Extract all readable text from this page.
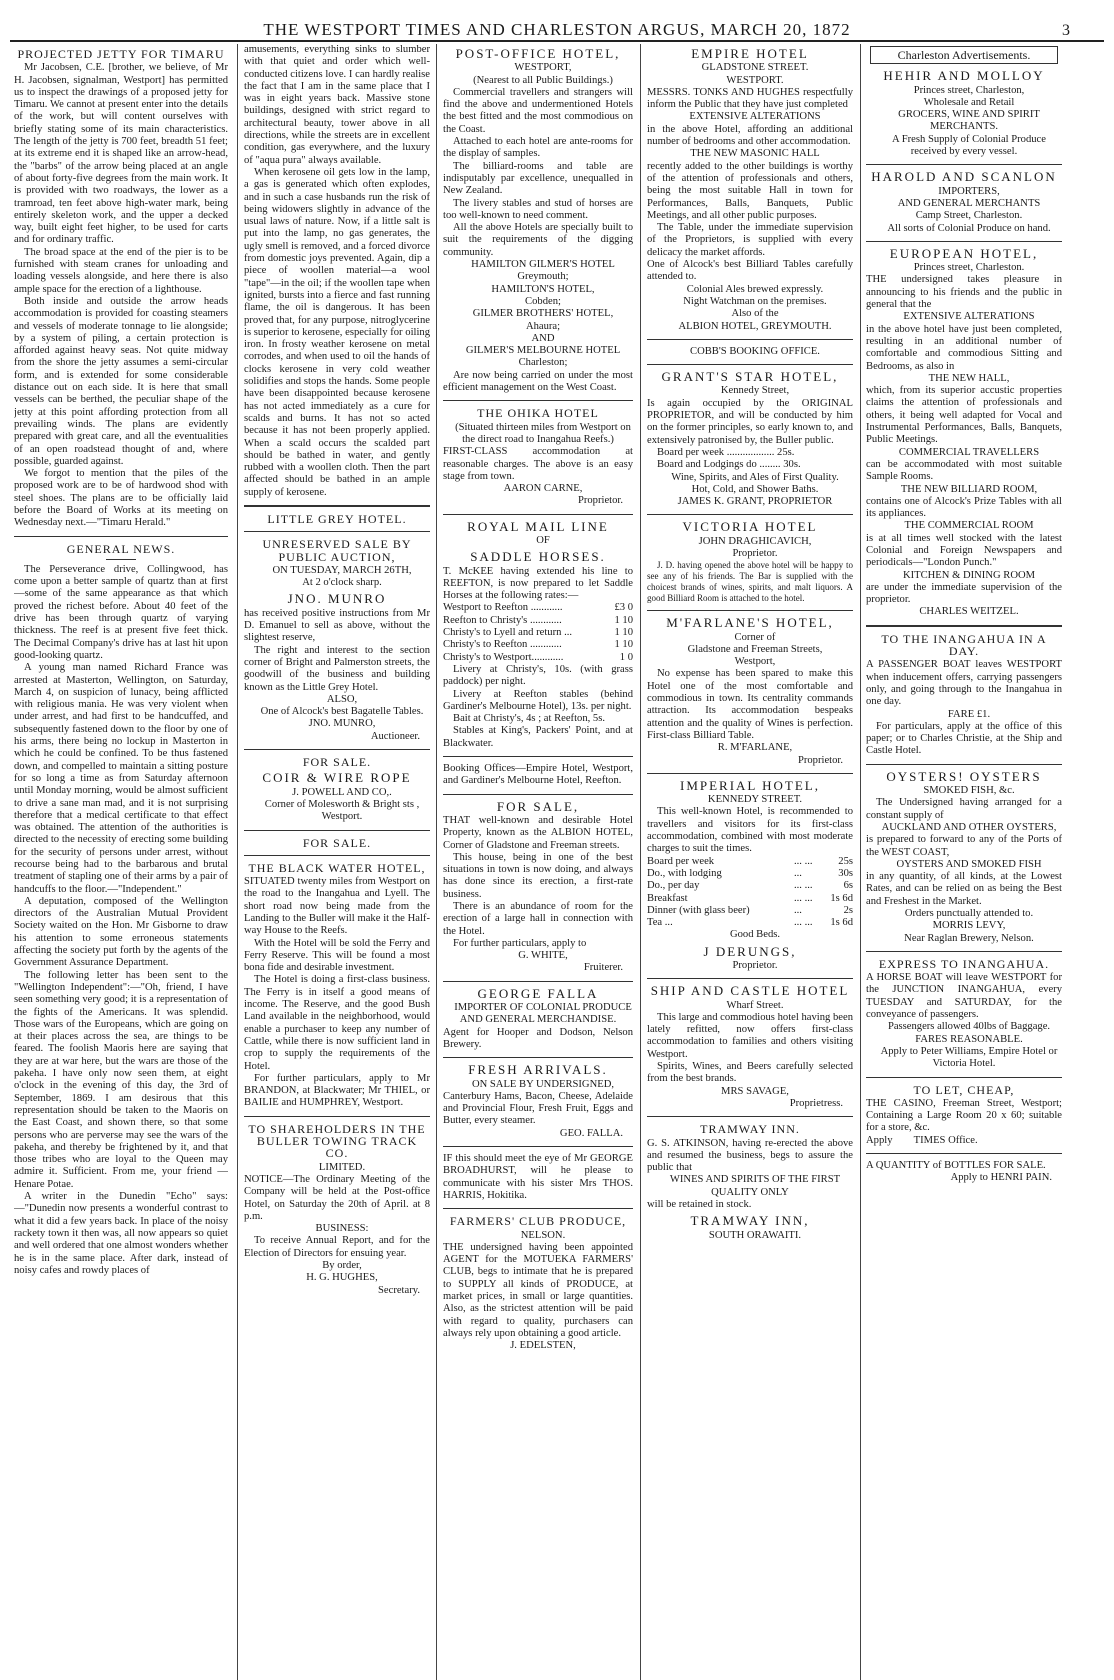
THE WESTPORT TIMES AND CHARLESTON ARGUS, MARCH 20, 1872	3
PROJECTED JETTY FOR TIMARU

Mr Jacobsen, C.E. [brother, we believe, of Mr H. Jacobsen, signalman, Westport] has permitted us to inspect the drawings of a proposed jetty for Timaru. We cannot at present enter into the details of the work, but will content ourselves with briefly stating some of its main characteristics. The length of the jetty is 700 feet, breadth 51 feet; at its extreme end it is shaped like an arrow-head, the "barbs" of the arrow being placed at an angle of about forty-five degrees from the main work. It is provided with two roadways, the lower as a tramroad, ten feet above high-water mark, being entirely skeleton work, and the upper a decked way, built eight feet higher, to be used for carts and for ordinary traffic.

The broad space at the end of the pier is to be furnished with steam cranes for unloading and loading vessels alongside, and here there is also ample space for the erection of a lighthouse.

Both inside and outside the arrow heads accommodation is provided for coasting steamers and vessels of moderate tonnage to lie alongside; by a system of piling, a certain protection is afforded against heavy seas. Not quite midway from the shore the jetty assumes a semi-circular form, and is extended for some considerable distance out on each side. It is here that small vessels can be berthed, the peculiar shape of the jetty at this point affording protection from all prevailing winds. The plans are evidently prepared with great care, and all the eventualities of an open roadstead thought of and, where possible, guarded against.

We forgot to mention that the piles of the proposed work are to be of hardwood shod with steel shoes. The plans are to be officially laid before the Board of Works at its meeting on Wednesday next.—"Timaru Herald."

GENERAL NEWS.

The Perseverance drive, Collingwood, has come upon a better sample of quartz than at first—some of the same appearance as that which proved the richest before. About 40 feet of the drive has been through quartz of varying thickness. The reef is at present five feet thick. The Decimal Company's drive has at last hit upon good-looking quartz.

A young man named Richard France was arrested at Masterton, Wellington, on Saturday, March 4, on suspicion of lunacy, being afflicted with religious mania. He was very violent when under arrest, and had first to be handcuffed, and subsequently fastened down to the floor by one of his arms, there being no lockup in Masterton in which he could be confined. To be thus fastened down, and compelled to maintain a sitting posture for so long a time as from Saturday afternoon until Monday morning, would be almost sufficient to drive a sane man mad, and it is not surprising therefore that a medical certificate to that effect was obtained. The attention of the authorities is directed to the necessity of erecting some building for the security of persons under arrest, without recourse being had to the barbarous and brutal treatment of stapling one of their arms by a pair of handcuffs to the floor.—"Independent."

A deputation, composed of the Wellington directors of the Australian Mutual Provident Society waited on the Hon. Mr Gisborne to draw his attention to some erroneous statements affecting the society put forth by the agents of the Government Assurance Department.

The following letter has been sent to the "Wellington Independent":—"Oh, friend, I have seen something very good; it is a representation of the fights of the Americans. It was splendid. Those wars of the Europeans, which are going on at their places across the sea, are things to be feared. The foolish Maoris here are saying that they are at war here, but the wars are those of the pakeha. I have only now seen them, at eight o'clock in the evening of this day, the 3rd of September, 1869. I am desirous that this representation should be taken to the Maoris on the East Coast, and shown there, so that some persons who are perverse may see the wars of the pakeha, and thereby be frightened by it, and that those tribes who are loyal to the Queen may admire it. Sufficient. From me, your friend —Henare Potae.

A writer in the Dunedin "Echo" says:—"Dunedin now presents a wonderful contrast to what it did a few years back. In place of the noisy rackety town it then was, all now appears so quiet and well ordered that one almost wonders whether he is in the same place. After dark, instead of noisy cafes and rowdy places of

amusements, everything sinks to slumber with that quiet and order which well-conducted citizens love. I can hardly realise the fact that I am in the same place that I was in eight years back. Massive stone buildings, designed with strict regard to architectural beauty, tower above in all directions, while the streets are in excellent condition, gas everywhere, and the luxury of "aqua pura" always available.

When kerosene oil gets low in the lamp, a gas is generated which often explodes, and in such a case husbands run the risk of being widowers slightly in advance of the usual laws of nature. Now, if a little salt is put into the lamp, no gas generates, the ugly smell is removed, and a forced divorce from domestic joys prevented. Again, dip a piece of woollen material—a wool "tape"—in the oil; if the woollen tape when ignited, bursts into a fierce and fast running flame, the oil is dangerous. It has been proved that, for any purpose, nitroglycerine is superior to kerosene, especially for oiling iron. In frosty weather kerosene on metal corrodes, and when used to oil the hands of clocks kerosene in very cold weather solidifies and stops the hands. Some people have been disappointed because kerosene has not acted immediately as a cure for scalds and burns. It has not so acted because it has not been properly applied. When a scald occurs the scalded part should be bathed in water, and gently rubbed with a woollen cloth. Then the part affected should be bathed in an ample supply of kerosene.

LITTLE GREY HOTEL.
UNRESERVED SALE BY PUBLIC AUCTION,

ON TUESDAY, MARCH 26TH,

At 2 o'clock sharp.

JNO. MUNRO

has received positive instructions from Mr D. Emanuel to sell as above, without the slightest reserve,

The right and interest to the section corner of Bright and Palmerston streets, the goodwill of the business and building known as the Little Grey Hotel.

ALSO,

One of Alcock's best Bagatelle Tables.

JNO. MUNRO,

Auctioneer.

FOR SALE.
COIR & WIRE ROPE

J. POWELL AND CO,.

Corner of Molesworth & Bright sts ,

Westport.

FOR SALE.
THE BLACK WATER HOTEL,

SITUATED twenty miles from Westport on the road to the Inangahua and Lyell. The short road now being made from the Landing to the Buller will make it the Half-way House to the Reefs.

With the Hotel will be sold the Ferry and Ferry Reserve. This will be found a most bona fide and desirable investment.

The Hotel is doing a first-class business. The Ferry is in itself a good means of income. The Reserve, and the good Bush Land available in the neighborhood, would enable a purchaser to keep any number of Cattle, while there is now sufficient land in crop to supply the requirements of the Hotel.

For further particulars, apply to Mr BRANDON, at Blackwater; Mr THIEL, or BAILIE and HUMPHREY, Westport.

TO SHAREHOLDERS IN THE BULLER TOWING TRACK CO.

LIMITED.

NOTICE—The Ordinary Meeting of the Company will be held at the Post-office Hotel, on Saturday the 20th of April. at 8 p.m.

BUSINESS:

To receive Annual Report, and for the Election of Directors for ensuing year.

By order,

H. G. HUGHES,

Secretary.

POST-OFFICE HOTEL,

WESTPORT,

(Nearest to all Public Buildings.)

Commercial travellers and strangers will find the above and undermentioned Hotels the best fitted and the most commodious on the Coast.

Attached to each hotel are ante-rooms for the display of samples.

The billiard-rooms and table are indisputably par excellence, unequalled in New Zealand.

The livery stables and stud of horses are too well-known to need comment.

All the above Hotels are specially built to suit the requirements of the digging community.

HAMILTON GILMER'S HOTEL

Greymouth;

HAMILTON'S HOTEL,

Cobden;

GILMER BROTHERS' HOTEL,

Ahaura;

AND

GILMER'S MELBOURNE HOTEL

Charleston;

Are now being carried on under the most efficient management on the West Coast.

THE OHIKA HOTEL

(Situated thirteen miles from Westport on the direct road to Inangahua Reefs.)

FIRST-CLASS accommodation at reasonable charges. The above is an easy stage from town.

AARON CARNE,

Proprietor.

ROYAL MAIL LINE

OF

SADDLE HORSES.

T. McKEE having extended his line to REEFTON, is now prepared to let Saddle Horses at the following rates:—

Westport to Reefton ............	£3 0
Reefton to Christy's ............	1 10
Christy's to Lyell and return ...	1 10
Christy's to Reefton ............	1 10
Christy's to Westport............	1 0

Livery at Christy's, 10s. (with grass paddock) per night.

Livery at Reefton stables (behind Gardiner's Melbourne Hotel), 13s. per night.

Bait at Christy's, 4s ; at Reefton, 5s.

Stables at King's, Packers' Point, and at Blackwater.

Booking Offices—Empire Hotel, Westport, and Gardiner's Melbourne Hotel, Reefton.

FOR SALE,

THAT well-known and desirable Hotel Property, known as the ALBION HOTEL, Corner of Gladstone and Freeman streets.

This house, being in one of the best situations in town is now doing, and always has done since its erection, a first-rate business.

There is an abundance of room for the erection of a large hall in connection with the Hotel.

For further particulars, apply to

G. WHITE,

Fruiterer.

GEORGE FALLA

IMPORTER OF COLONIAL PRODUCE AND GENERAL MERCHANDISE.

Agent for Hooper and Dodson, Nelson Brewery.

FRESH ARRIVALS.

ON SALE BY UNDERSIGNED,

Canterbury Hams, Bacon, Cheese, Adelaide and Provincial Flour, Fresh Fruit, Eggs and Butter, every steamer.

GEO. FALLA.

IF this should meet the eye of Mr GEORGE BROADHURST, will he please to communicate with his sister Mrs THOS. HARRIS, Hokitika.

FARMERS' CLUB PRODUCE,

NELSON.

THE undersigned having been appointed AGENT for the MOTUEKA FARMERS' CLUB, begs to intimate that he is prepared to SUPPLY all kinds of PRODUCE, at market prices, in small or large quantities. Also, as the strictest attention will be paid with regard to quality, purchasers can always rely upon obtaining a good article.

J. EDELSTEN,

EMPIRE HOTEL

GLADSTONE STREET.

WESTPORT.

MESSRS. TONKS AND HUGHES respectfully inform the Public that they have just completed

EXTENSIVE ALTERATIONS

in the above Hotel, affording an additional number of bedrooms and other accommodation.

THE NEW MASONIC HALL

recently added to the other buildings is worthy of the attention of professionals and others, being the most suitable Hall in town for Performances, Balls, Banquets, Public Meetings, and all other public purposes.

The Table, under the immediate supervision of the Proprietors, is supplied with every delicacy the market affords.

One of Alcock's best Billiard Tables carefully attended to.

Colonial Ales brewed expressly.

Night Watchman on the premises.

Also of the

ALBION HOTEL, GREYMOUTH.

COBB'S BOOKING OFFICE.

GRANT'S STAR HOTEL,

Kennedy Street,

Is again occupied by the ORIGINAL PROPRIETOR, and will be conducted by him on the former principles, so early known to, and extensively patronised by, the Buller public.

Board per week .................. 25s.

Board and Lodgings do ........ 30s.

Wine, Spirits, and Ales of First Quality.

Hot, Cold, and Shower Baths.

JAMES K. GRANT, PROPRIETOR

VICTORIA HOTEL

JOHN DRAGHICAVICH,

Proprietor.

J. D. having opened the above hotel will be happy to see any of his friends. The Bar is supplied with the choicest brands of wines, spirits, and malt liquors. A good Billiard Room is attached to the hotel.

M'FARLANE'S HOTEL,

Corner of

Gladstone and Freeman Streets,

Westport,

No expense has been spared to make this Hotel one of the most comfortable and commodious in town. Its centrality commands attraction. Its accommodation bespeaks attention and the quality of Wines is perfection. First-class Billiard Table.

R. M'FARLANE,

Proprietor.

IMPERIAL HOTEL,

KENNEDY STREET.

This well-known Hotel, is recommended to travellers and visitors for its first-class accommodation, combined with most moderate charges to suit the times.

Board per week	... ...	25s
Do., with lodging	...	30s
Do., per day	... ...	6s
Breakfast	... ...	1s 6d
Dinner (with glass beer)	...	2s
Tea ...	... ...	1s 6d

Good Beds.

J DERUNGS,

Proprietor.

SHIP AND CASTLE HOTEL

Wharf Street.

This large and commodious hotel having been lately refitted, now offers first-class accommodation to families and others visiting Westport.

Spirits, Wines, and Beers carefully selected from the best brands.

MRS SAVAGE,

Proprietress.

TRAMWAY INN.

G. S. ATKINSON, having re-erected the above and resumed the business, begs to assure the public that

WINES AND SPIRITS OF THE FIRST QUALITY ONLY

will be retained in stock.

TRAMWAY INN,

SOUTH ORAWAITI.

Charleston Advertisements.
HEHIR AND MOLLOY

Princes street, Charleston,

Wholesale and Retail

GROCERS, WINE AND SPIRIT MERCHANTS.

A Fresh Supply of Colonial Produce received by every vessel.

HAROLD AND SCANLON

IMPORTERS,

AND GENERAL MERCHANTS

Camp Street, Charleston.

All sorts of Colonial Produce on hand.

EUROPEAN HOTEL,

Princes street, Charleston.

THE undersigned takes pleasure in announcing to his friends and the public in general that the

EXTENSIVE ALTERATIONS

in the above hotel have just been completed, resulting in an additional number of comfortable and commodious Sitting and Bedrooms, as also in

THE NEW HALL,

which, from its superior accustic properties claims the attention of professionals and others, it being well adapted for Vocal and Instrumental Performances, Balls, Banquets, Public Meetings.

COMMERCIAL TRAVELLERS

can be accommodated with most suitable Sample Rooms.

THE NEW BILLIARD ROOM,

contains one of Alcock's Prize Tables with all its appliances.

THE COMMERCIAL ROOM

is at all times well stocked with the latest Colonial and Foreign Newspapers and periodicals—"London Punch."

KITCHEN & DINING ROOM

are under the immediate supervision of the proprietor.

CHARLES WEITZEL.

TO THE INANGAHUA IN A DAY.

A PASSENGER BOAT leaves WESTPORT when inducement offers, carrying passengers only, and going through to the Inangahua in one day.

FARE £1.

For particulars, apply at the office of this paper; or to Charles Christie, at the Ship and Castle Hotel.

OYSTERS! OYSTERS

SMOKED FISH, &c.

The Undersigned having arranged for a constant supply of

AUCKLAND AND OTHER OYSTERS,

is prepared to forward to any of the Ports of the WEST COAST,

OYSTERS AND SMOKED FISH

in any quantity, of all kinds, at the Lowest Rates, and can be relied on as being the Best and Freshest in the Market.

Orders punctually attended to.

MORRIS LEVY,

Near Raglan Brewery, Nelson.

EXPRESS TO INANGAHUA.

A HORSE BOAT will leave WESTPORT for the JUNCTION INANGAHUA, every TUESDAY and SATURDAY, for the conveyance of passengers.

Passengers allowed 40lbs of Baggage.

FARES REASONABLE.

Apply to Peter Williams, Empire Hotel or Victoria Hotel.

TO LET, CHEAP,

THE CASINO, Freeman Street, Westport; Containing a Large Room 20 x 60; suitable for a store, &c.

Apply TIMES Office.

A QUANTITY of BOTTLES FOR SALE.

Apply to HENRI PAIN.
